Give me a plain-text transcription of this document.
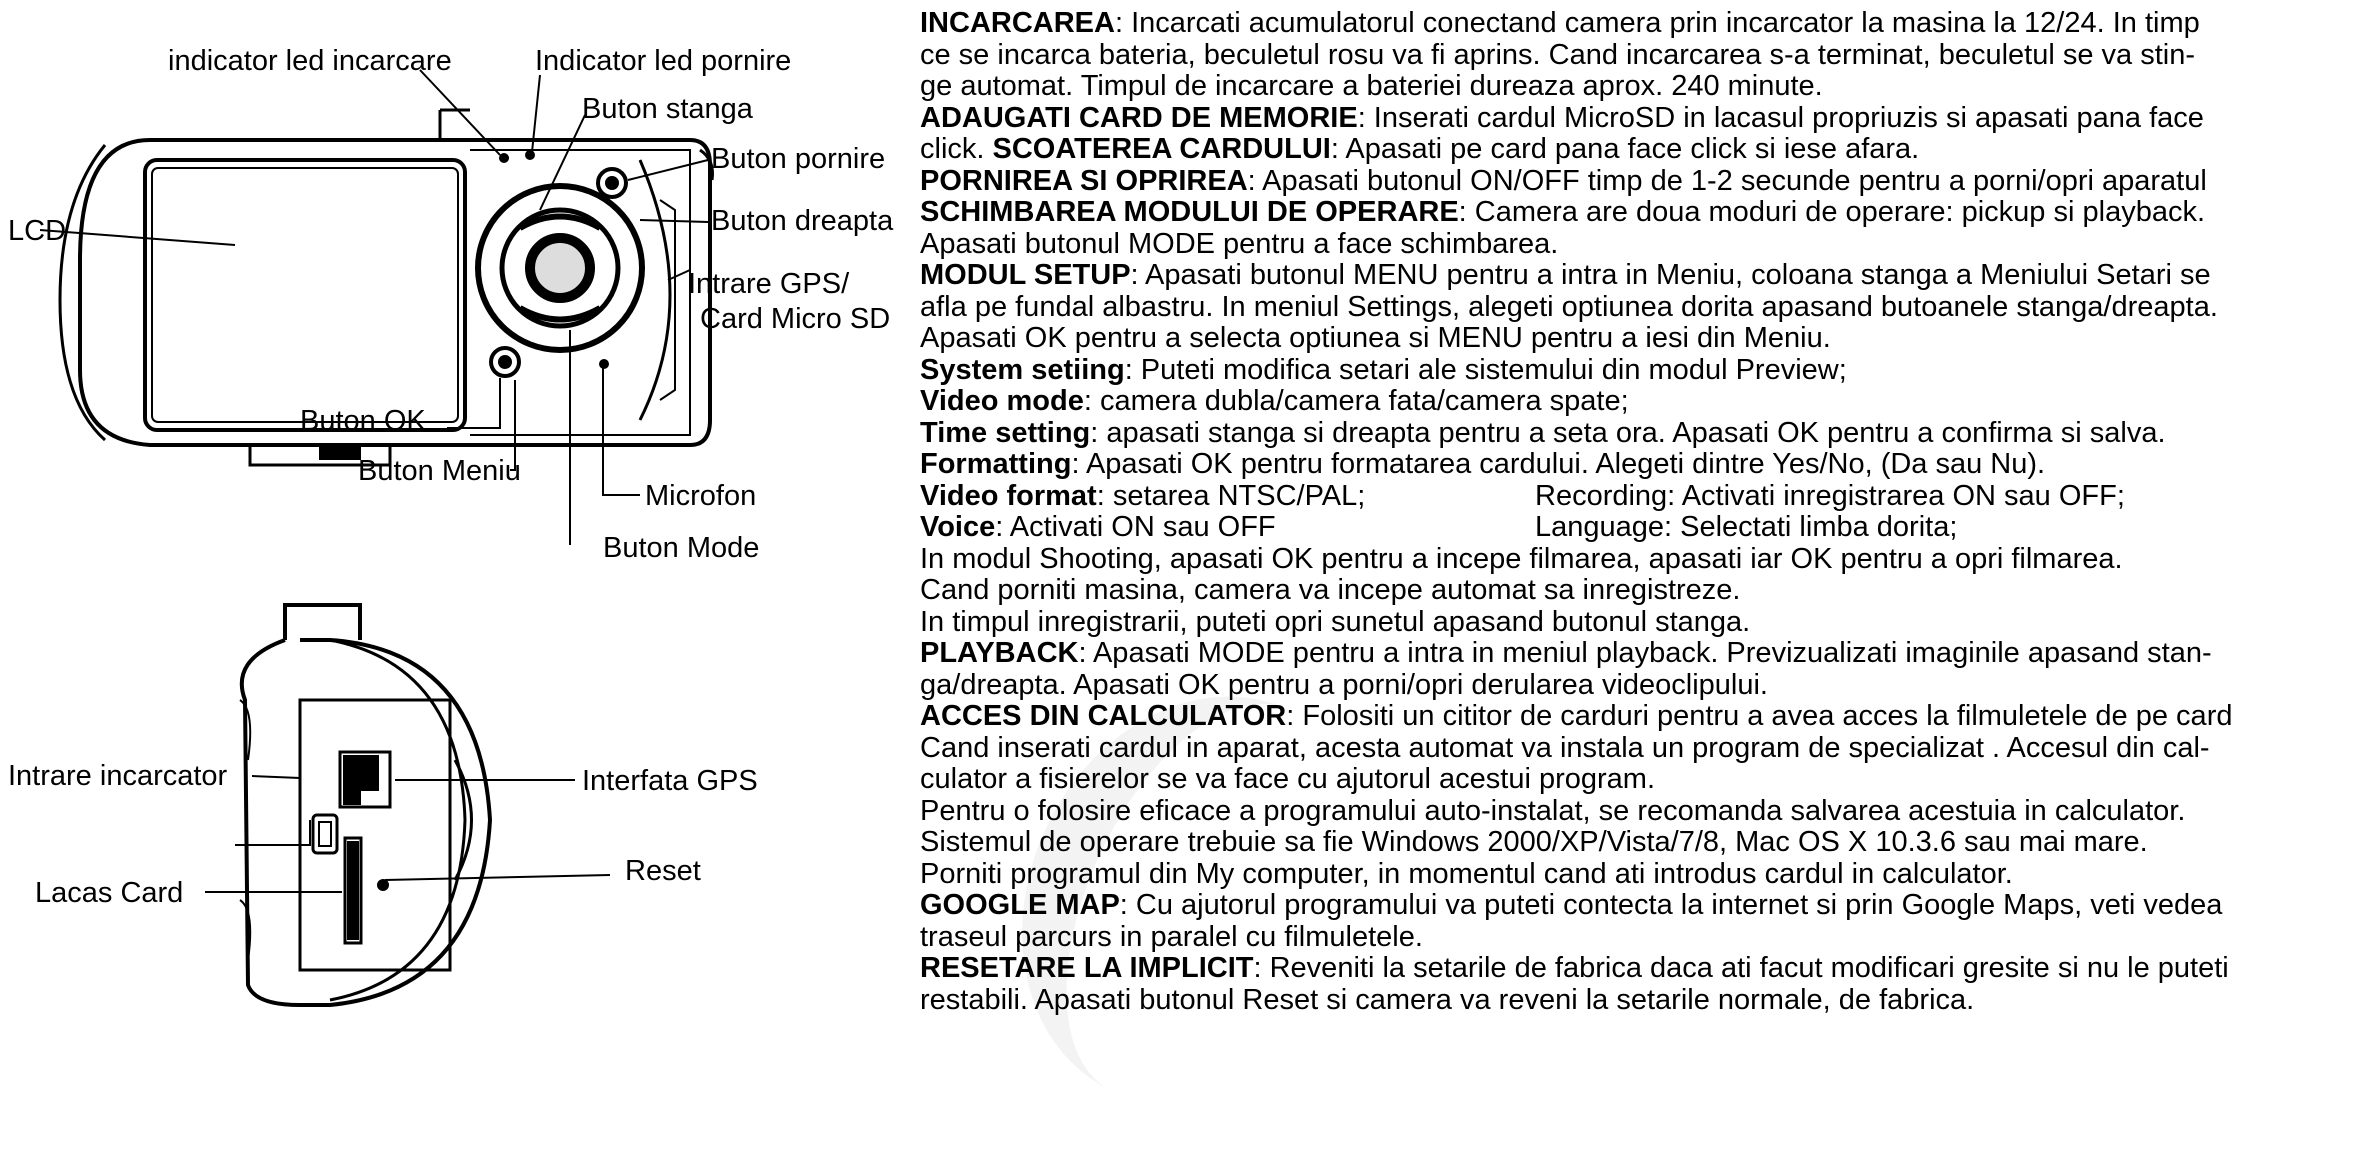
indicator led incarcare	Indicator led pornire
Buton stanga
Buton pornire
LCD	Buton dreapta
Intrare GPS/
Card Micro SD
Buton OK
Buton Meniu
Microfon
Buton Mode
Intrare incarcator	Interfata GPS
Lacas Card
Reset
INCARCAREA: Incarcati acumulatorul conectand camera prin incarcator la masina la 12/24. In timp
ce se incarca bateria, beculetul rosu va fi aprins. Cand incarcarea s-a terminat, beculetul se va stin-
ge automat. Timpul de incarcare a bateriei dureaza aprox. 240 minute.
ADAUGATI CARD DE MEMORIE: Inserati cardul MicroSD in lacasul propriuzis si apasati pana face
click. SCOATEREA CARDULUI: Apasati pe card pana face click si iese afara.
PORNIREA SI OPRIREA: Apasati butonul ON/OFF timp de 1-2 secunde pentru a porni/opri aparatul
SCHIMBAREA MODULUI DE OPERARE: Camera are doua moduri de operare: pickup si playback.
Apasati butonul MODE pentru a face schimbarea.
MODUL SETUP: Apasati butonul MENU pentru a intra in Meniu, coloana stanga a Meniului Setari se
afla pe fundal albastru. In meniul Settings, alegeti optiunea dorita apasand butoanele stanga/dreapta.
Apasati OK pentru a selecta optiunea si MENU pentru a iesi din Meniu.
System setiing: Puteti modifica setari ale sistemului din modul Preview;
Video mode: camera dubla/camera fata/camera spate;
Time setting: apasati stanga si dreapta pentru a seta ora. Apasati OK pentru a confirma si salva.
Formatting: Apasati OK pentru formatarea cardului. Alegeti dintre Yes/No, (Da sau Nu).
Video format: setarea NTSC/PAL;	Recording: Activati inregistrarea ON sau OFF;
Voice: Activati ON sau OFF	Language: Selectati limba dorita;
In modul Shooting, apasati OK pentru a incepe filmarea, apasati iar OK pentru a opri filmarea.
Cand porniti masina, camera va incepe automat sa inregistreze.
In timpul inregistrarii, puteti opri sunetul apasand butonul stanga.
PLAYBACK: Apasati MODE pentru a intra in meniul playback. Previzualizati imaginile apasand stan-
ga/dreapta. Apasati OK pentru a porni/opri derularea videoclipului.
ACCES DIN CALCULATOR: Folositi un cititor de carduri pentru a avea acces la filmuletele de pe card
Cand inserati cardul in aparat, acesta automat va instala un program de specializat . Accesul din cal-
culator a fisierelor se va face cu ajutorul acestui program.
Pentru o folosire eficace a programului auto-instalat, se recomanda salvarea acestuia in calculator.
Sistemul de operare trebuie sa fie Windows 2000/XP/Vista/7/8, Mac OS X 10.3.6 sau mai mare.
Porniti programul din My computer, in momentul cand ati introdus cardul in calculator.
GOOGLE MAP: Cu ajutorul programului va puteti contecta la internet si prin Google Maps, veti vedea
traseul parcurs in paralel cu filmuletele.
RESETARE LA IMPLICIT: Reveniti la setarile de fabrica daca ati facut modificari gresite si nu le puteti
restabili. Apasati butonul Reset si camera va reveni la setarile normale, de fabrica.
